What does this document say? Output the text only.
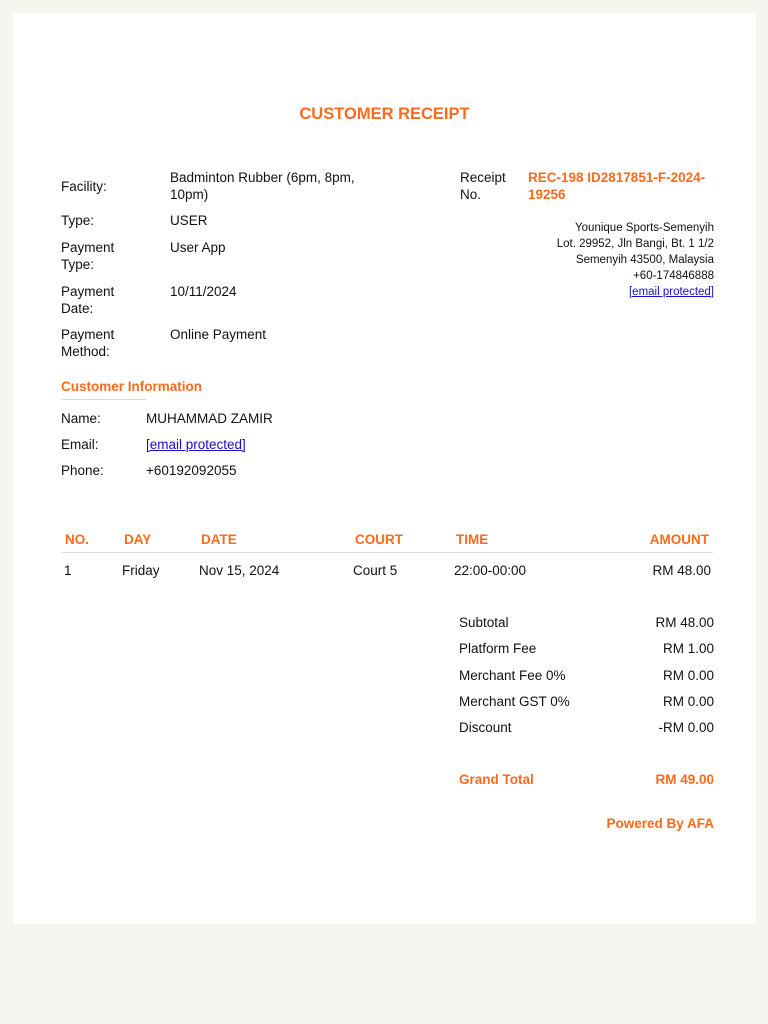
CUSTOMER RECEIPT
Facility:
Badminton Rubber (6pm, 8pm, 10pm)
Type:	USER
Payment Type:
User App
Payment Date:
10/11/2024
Payment Method:
Online Payment
Receipt No.
REC-198 ID2817851-F-2024-19256
Younique Sports-Semenyih
Lot. 29952, Jln Bangi, Bt. 1 1/2
Semenyih 43500, Malaysia
+60-174846888
[email protected]
Customer Information
Name:	MUHAMMAD ZAMIR
Email:	[email protected]
Phone:	+60192092055
NO.	DAY	DATE	COURT	TIME	AMOUNT
1	Friday	Nov 15, 2024	Court 5	22:00-00:00	RM 48.00
Subtotal	RM 48.00
Platform Fee	RM 1.00
Merchant Fee 0%	RM 0.00
Merchant GST 0%	RM 0.00
Discount	-RM 0.00
Grand Total	RM 49.00
Powered By AFA
